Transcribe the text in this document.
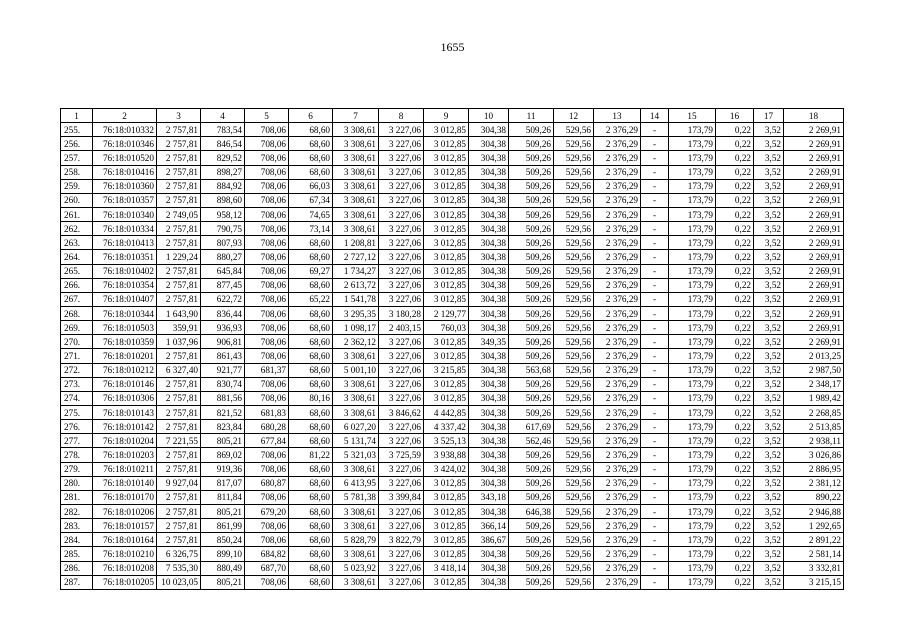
1655
1	2	3	4	5	6	7	8	9	10	11	12	13	14	15	16	17	18
255.	76:18:010332	2 757,81	783,54	708,06	68,60	3 308,61	3 227,06	3 012,85	304,38	509,26	529,56	2 376,29	-	173,79	0,22	3,52	2 269,91
256.	76:18:010346	2 757,81	846,54	708,06	68,60	3 308,61	3 227,06	3 012,85	304,38	509,26	529,56	2 376,29	-	173,79	0,22	3,52	2 269,91
257.	76:18:010520	2 757,81	829,52	708,06	68,60	3 308,61	3 227,06	3 012,85	304,38	509,26	529,56	2 376,29	-	173,79	0,22	3,52	2 269,91
258.	76:18:010416	2 757,81	898,27	708,06	68,60	3 308,61	3 227,06	3 012,85	304,38	509,26	529,56	2 376,29	-	173,79	0,22	3,52	2 269,91
259.	76:18:010360	2 757,81	884,92	708,06	66,03	3 308,61	3 227,06	3 012,85	304,38	509,26	529,56	2 376,29	-	173,79	0,22	3,52	2 269,91
260.	76:18:010357	2 757,81	898,60	708,06	67,34	3 308,61	3 227,06	3 012,85	304,38	509,26	529,56	2 376,29	-	173,79	0,22	3,52	2 269,91
261.	76:18:010340	2 749,05	958,12	708,06	74,65	3 308,61	3 227,06	3 012,85	304,38	509,26	529,56	2 376,29	-	173,79	0,22	3,52	2 269,91
262.	76:18:010334	2 757,81	790,75	708,06	73,14	3 308,61	3 227,06	3 012,85	304,38	509,26	529,56	2 376,29	-	173,79	0,22	3,52	2 269,91
263.	76:18:010413	2 757,81	807,93	708,06	68,60	1 208,81	3 227,06	3 012,85	304,38	509,26	529,56	2 376,29	-	173,79	0,22	3,52	2 269,91
264.	76:18:010351	1 229,24	880,27	708,06	68,60	2 727,12	3 227,06	3 012,85	304,38	509,26	529,56	2 376,29	-	173,79	0,22	3,52	2 269,91
265.	76:18:010402	2 757,81	645,84	708,06	69,27	1 734,27	3 227,06	3 012,85	304,38	509,26	529,56	2 376,29	-	173,79	0,22	3,52	2 269,91
266.	76:18:010354	2 757,81	877,45	708,06	68,60	2 613,72	3 227,06	3 012,85	304,38	509,26	529,56	2 376,29	-	173,79	0,22	3,52	2 269,91
267.	76:18:010407	2 757,81	622,72	708,06	65,22	1 541,78	3 227,06	3 012,85	304,38	509,26	529,56	2 376,29	-	173,79	0,22	3,52	2 269,91
268.	76:18:010344	1 643,90	836,44	708,06	68,60	3 295,35	3 180,28	2 129,77	304,38	509,26	529,56	2 376,29	-	173,79	0,22	3,52	2 269,91
269.	76:18:010503	359,91	936,93	708,06	68,60	1 098,17	2 403,15	760,03	304,38	509,26	529,56	2 376,29	-	173,79	0,22	3,52	2 269,91
270.	76:18:010359	1 037,96	906,81	708,06	68,60	2 362,12	3 227,06	3 012,85	349,35	509,26	529,56	2 376,29	-	173,79	0,22	3,52	2 269,91
271.	76:18:010201	2 757,81	861,43	708,06	68,60	3 308,61	3 227,06	3 012,85	304,38	509,26	529,56	2 376,29	-	173,79	0,22	3,52	2 013,25
272.	76:18:010212	6 327,40	921,77	681,37	68,60	5 001,10	3 227,06	3 215,85	304,38	563,68	529,56	2 376,29	-	173,79	0,22	3,52	2 987,50
273.	76:18:010146	2 757,81	830,74	708,06	68,60	3 308,61	3 227,06	3 012,85	304,38	509,26	529,56	2 376,29	-	173,79	0,22	3,52	2 348,17
274.	76:18:010306	2 757,81	881,56	708,06	80,16	3 308,61	3 227,06	3 012,85	304,38	509,26	529,56	2 376,29	-	173,79	0,22	3,52	1 989,42
275.	76:18:010143	2 757,81	821,52	681,83	68,60	3 308,61	3 846,62	4 442,85	304,38	509,26	529,56	2 376,29	-	173,79	0,22	3,52	2 268,85
276.	76:18:010142	2 757,81	823,84	680,28	68,60	6 027,20	3 227,06	4 337,42	304,38	617,69	529,56	2 376,29	-	173,79	0,22	3,52	2 513,85
277.	76:18:010204	7 221,55	805,21	677,84	68,60	5 131,74	3 227,06	3 525,13	304,38	562,46	529,56	2 376,29	-	173,79	0,22	3,52	2 938,11
278.	76:18:010203	2 757,81	869,02	708,06	81,22	5 321,03	3 725,59	3 938,88	304,38	509,26	529,56	2 376,29	-	173,79	0,22	3,52	3 026,86
279.	76:18:010211	2 757,81	919,36	708,06	68,60	3 308,61	3 227,06	3 424,02	304,38	509,26	529,56	2 376,29	-	173,79	0,22	3,52	2 886,95
280.	76:18:010140	9 927,04	817,07	680,87	68,60	6 413,95	3 227,06	3 012,85	304,38	509,26	529,56	2 376,29	-	173,79	0,22	3,52	2 381,12
281.	76:18:010170	2 757,81	811,84	708,06	68,60	5 781,38	3 399,84	3 012,85	343,18	509,26	529,56	2 376,29	-	173,79	0,22	3,52	890,22
282.	76:18:010206	2 757,81	805,21	679,20	68,60	3 308,61	3 227,06	3 012,85	304,38	646,38	529,56	2 376,29	-	173,79	0,22	3,52	2 946,88
283.	76:18:010157	2 757,81	861,99	708,06	68,60	3 308,61	3 227,06	3 012,85	366,14	509,26	529,56	2 376,29	-	173,79	0,22	3,52	1 292,65
284.	76:18:010164	2 757,81	850,24	708,06	68,60	5 828,79	3 822,79	3 012,85	386,67	509,26	529,56	2 376,29	-	173,79	0,22	3,52	2 891,22
285.	76:18:010210	6 326,75	899,10	684,82	68,60	3 308,61	3 227,06	3 012,85	304,38	509,26	529,56	2 376,29	-	173,79	0,22	3,52	2 581,14
286.	76:18:010208	7 535,30	880,49	687,70	68,60	5 023,92	3 227,06	3 418,14	304,38	509,26	529,56	2 376,29	-	173,79	0,22	3,52	3 332,81
287.	76:18:010205	10 023,05	805,21	708,06	68,60	3 308,61	3 227,06	3 012,85	304,38	509,26	529,56	2 376,29	-	173,79	0,22	3,52	3 215,15
